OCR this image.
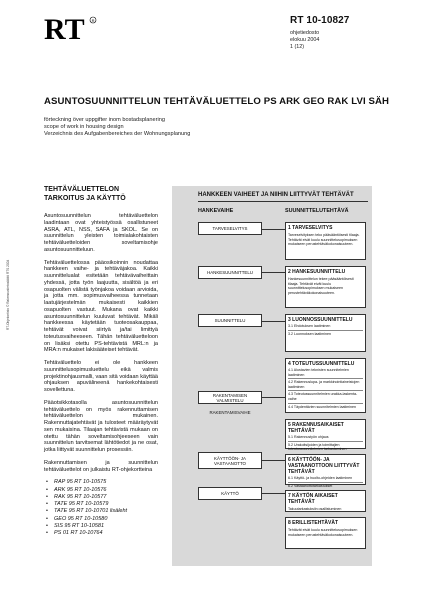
RT R	RT 10-10827
ohjetiedosto
elokuu 2004
1 (12)
ASUNTOSUUNNITTELUN TEHTÄVÄLUETTELO PS ARK GEO RAK LVI SÄH
förteckning över uppgifter inom bostadsplanering
scope of work in housing design
Verzeichnis des Aufgabenbereiches der Wohnungsplanung
RT-Ohjekortisto © Rakennustietosäätiö RTS 2004
TEHTÄVÄLUETTELON TARKOITUS JA KÄYTTÖ

Asuntosuunnittelun tehtäväluettelon laadintaan ovat yhteistyössä osallistuneet ASRA, ATL, NSS, SAFA ja SKOL. Se on suunnittelun yleisten toimialakohtaisten tehtäväluetteloiden soveltamisohje asuntosuunnitteluun.

Tehtäväluettelossa pääosikoinnin noudattaa hankkeen vaihe- ja tehtäväjakoa. Kaikki suunnittelualat esitetään tehtävävaiheittain yhdessä, jotta työn laajuutta, sisältöä ja eri osapuolten välistä työnjakoa voidaan arvioida, ja jotta mm. sopimusvaiheessa tunnetaan laatujärjestelmän mukaisesti kaikkien osapuolten vastuut. Mukana ovat kaikki asuntosuunnittelun kuuluvat tehtävät. Mikäli hankkeessa käytetään tuoteosakauppaa, tehtävät voivat siirtyä ja/tai limittyä toteutusvaiheeseen. Tähän tehtäväluetteloon on lisäksi otettu PS-tehtävistä MRL:n ja MRA:n mukaiset lakisääteiset tehtävät.

Tehtäväluettelo ei ole hankkeen suunnittelusopimusluettelu eikä valmis projektinohjausmalli, vaan sitä voidaan käyttää ohjauksen apuvälineenä hankekohtaisesti sovellettuna.

Pääotsikkotasolla asuntosuunnittelun tehtäväluettelo on myös rakennuttamisen tehtäväluettelon mukainen. Rakennuttajatehtävät ja tulosteet määräytyvät sen mukaisina. Tilaajan tehtävistä mukaan on otettu tähän soveltamisohjeeseen vain suunnittelun tarvitsemat lähtötiedot ja ne osat, jotka liittyvät suunnittelun prosessiin.

Rakennuttamisen ja suunnittelun tehtäväluettelot on julkaistu RT-ohjekortteina

• RAP 95 RT 10-10575
• ARK 95 RT 10-10576
• RAK 95 RT 10-10577
• TATE 95 RT 10-10579
• TATE 95 RT 10-10701 lisäleht
• GEO 95 RT 10-10580
• SIS 95 RT 10-10581
• PS 01 RT 10-10764
HANKKEEN VAIHEET JA NIIHIN LIITTYVÄT TEHTÄVÄT
HANKEVAIHE	SUUNNITTELUTEHTÄVÄ
TARVESELVITYS
HANKESUUNNITTELU
SUUNNITTELU
RAKENTAMISEN VALMISTELU
RAKENTAMISVAIHE
KÄYTTÖÖN- JA VASTAANOTTO
KÄYTTÖ
1 TARVESELVITYS
Tarveselvityksen teko pääsääntöisesti tilaaja. Tehtävät eivät kuulu suunnittelusopimuksen mukaiseen perustehtäväkokonaisuuteen.
2 HANKESUUNNITTELU
Hankesuunnittelun tekee pääsääntöisesti tilaaja. Tehtävät eivät kuulu suunnittelusopimuksen mukaiseen perustehtäväkokonaisuuteen.
3 LUONNOSSUUNNITTELU
3.1 Ehdotuksen laatiminen
3.2 Luonnoksen laatiminen
4 TOTEUTUSSUUNNITTELU
4.1 Alustavien teknisten suunnitelmien laatiminen
4.2 Rakennuslupa- ja markkinointiaineistojen laatiminen
4.3 Toteutussuunnitelmien urakka-laskenta-vaihe
4.4 Täydentävien suunnitelmien laatiminen
5 RAKENNUSAIKAISET TEHTÄVÄT
5.1 Rakennustyön ohjaus
5.2 Urakoitsijoiden ja toimittajien toteutussuunnitelmien tarkastaminen
6 KÄYTTÖÖN- JA VASTAANOTTOON LIITTYVÄT TEHTÄVÄT
6.1 Käyttö- ja huolto-ohjeiden laatiminen
6.2 Vastaanottotarkastukset
7 KÄYTÖN AIKAISET TEHTÄVÄT
Takuutarkastuksiin osallistuminen
8 ERILLISTEHTÄVÄT
Tehtävät eivät kuulu suunnittelusopimuksen mukaiseen perustehtäväkokonaisuuteen.
